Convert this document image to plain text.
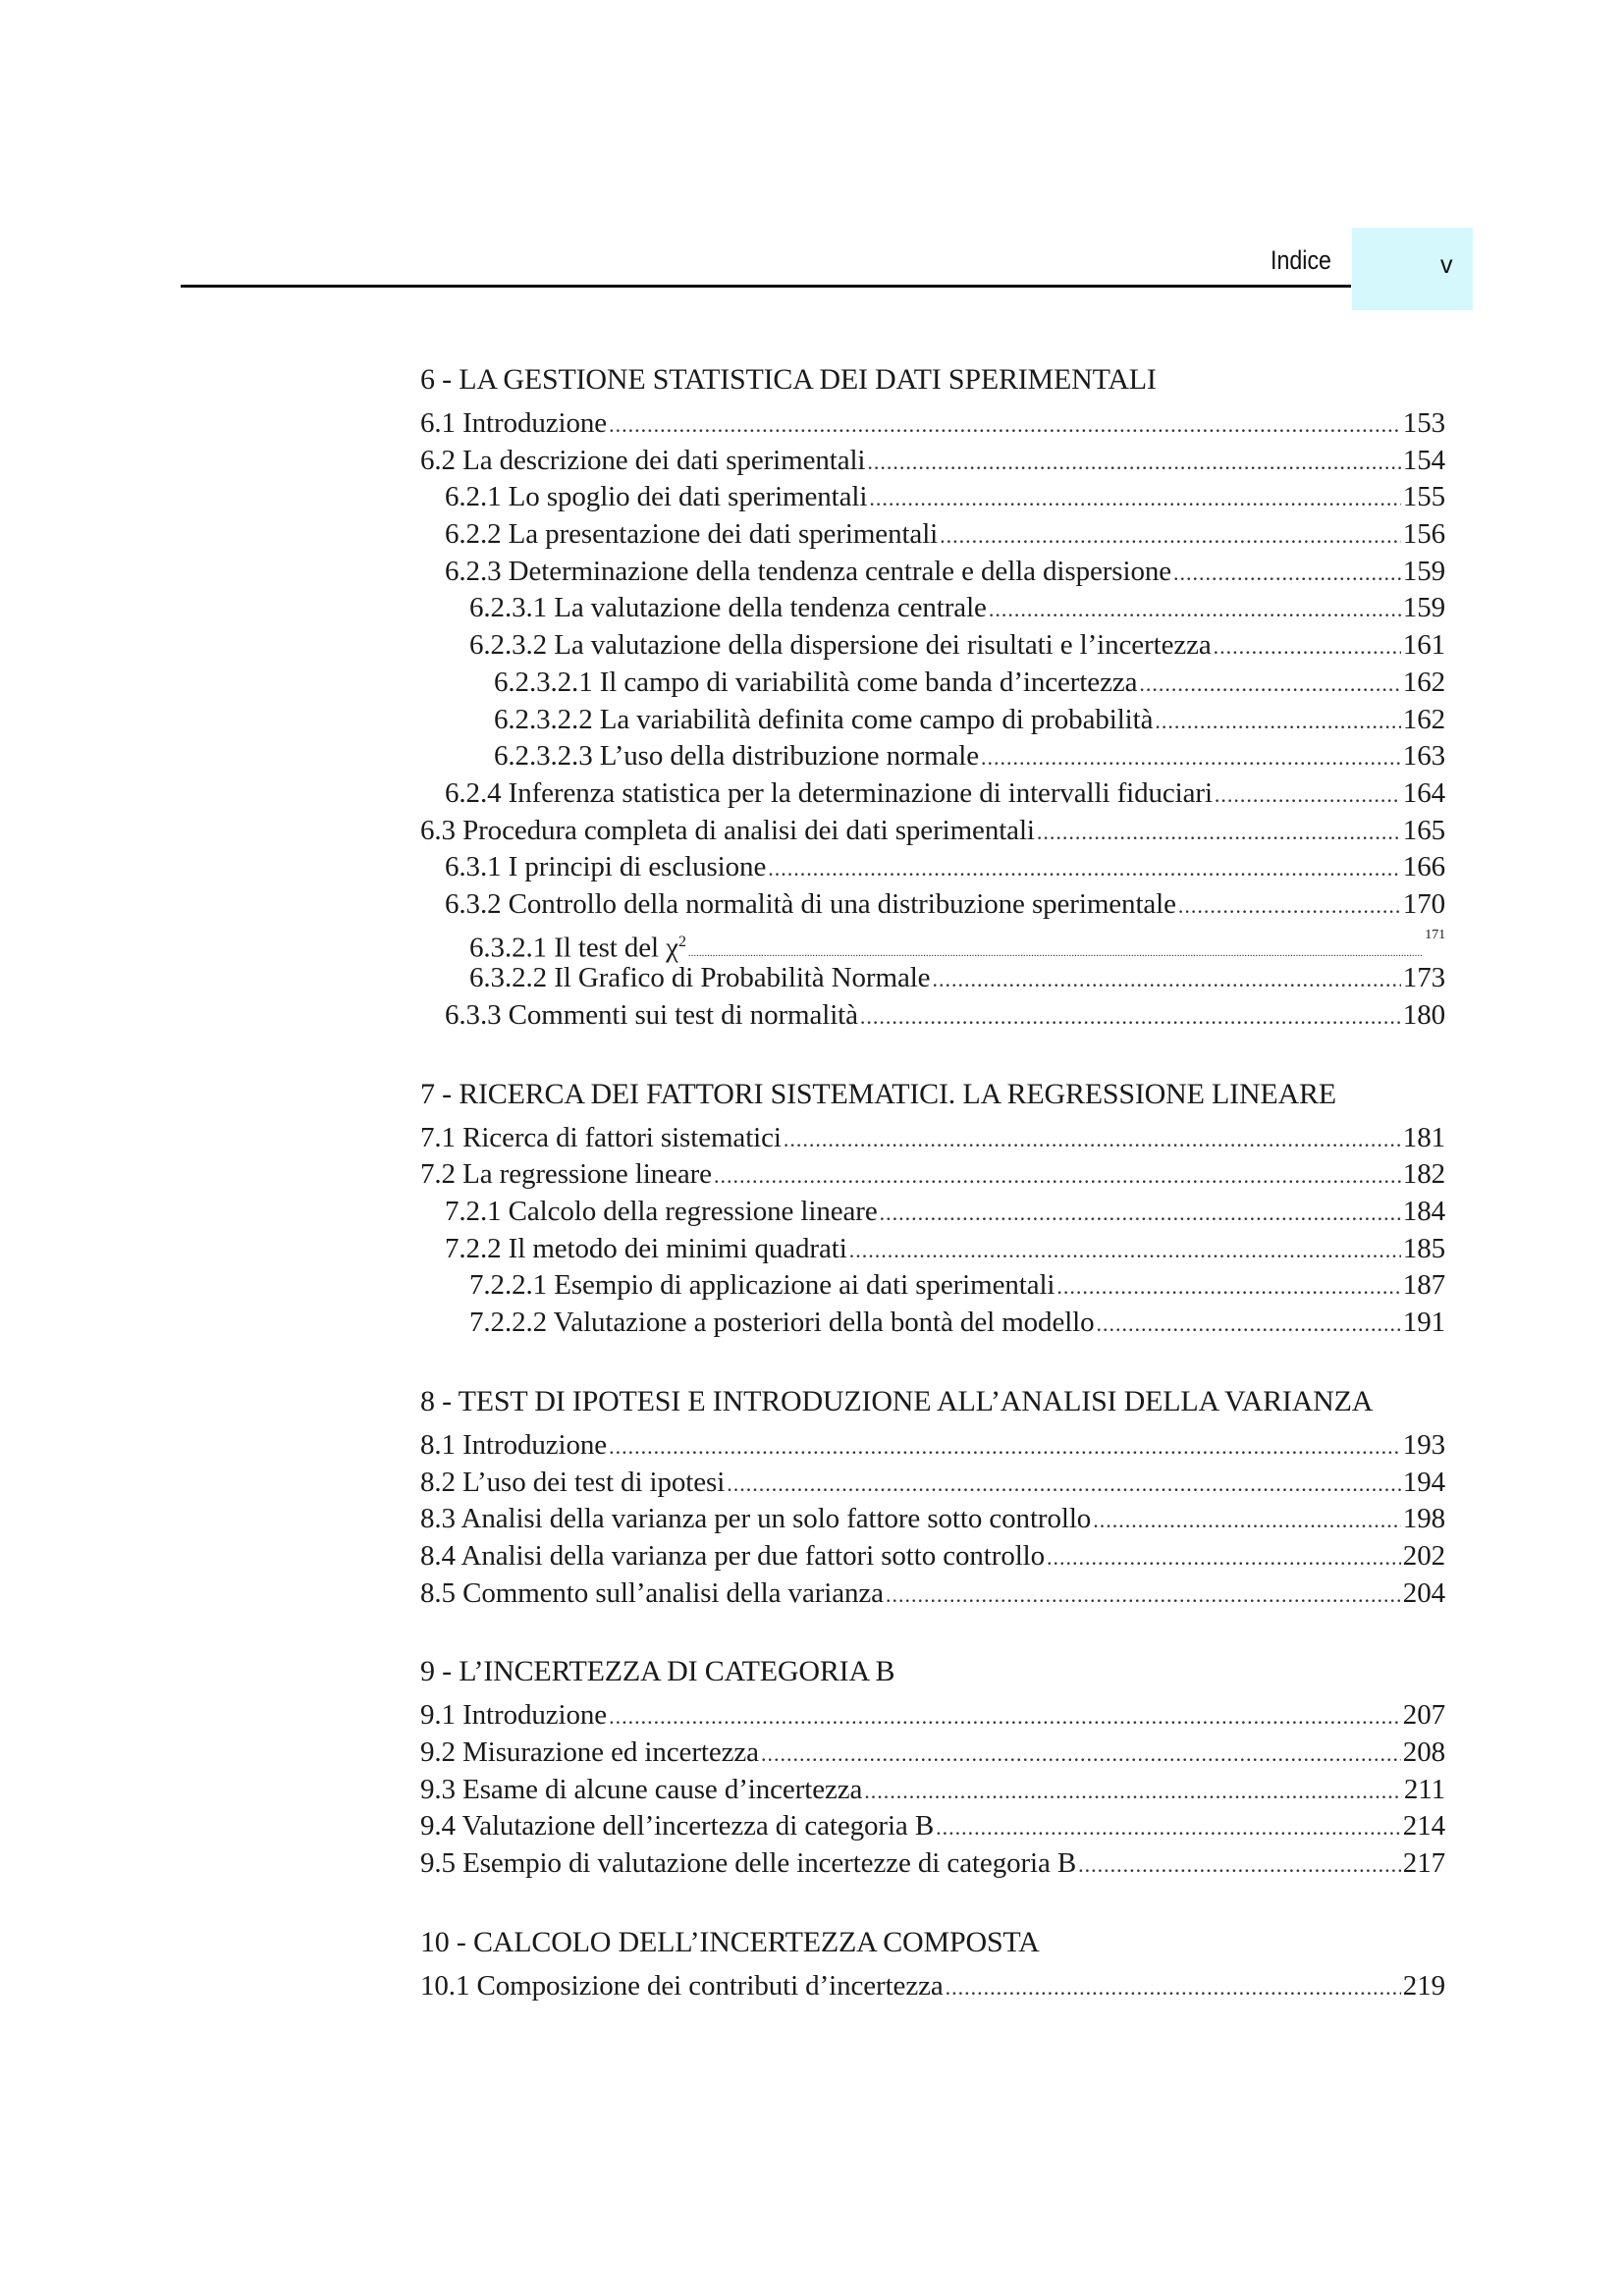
Indice	v
6 - LA GESTIONE STATISTICA DEI DATI SPERIMENTALI
6.1 Introduzione .....	153
6.2 La descrizione dei dati sperimentali .....	154
6.2.1 Lo spoglio dei dati sperimentali .....	155
6.2.2 La presentazione dei dati sperimentali .....	156
6.2.3 Determinazione della tendenza centrale e della dispersione .....	159
6.2.3.1 La valutazione della tendenza centrale .....	159
6.2.3.2 La valutazione della dispersione dei risultati e l’incertezza .....	161
6.2.3.2.1 Il campo di variabilità come banda d’incertezza .....	162
6.2.3.2.2 La variabilità definita come campo di probabilità .....	162
6.2.3.2.3 L’uso della distribuzione normale .....	163
6.2.4 Inferenza statistica per la determinazione di intervalli fiduciari .....	164
6.3 Procedura completa di analisi dei dati sperimentali .....	165
6.3.1 I principi di esclusione .....	166
6.3.2 Controllo della normalità di una distribuzione sperimentale .....	170
6.3.2.1 Il test del $\chi^2$ .....	171
6.3.2.2 Il Grafico di Probabilità Normale .....	173
6.3.3 Commenti sui test di normalità .....	180
7 - RICERCA DEI FATTORI SISTEMATICI. LA REGRESSIONE LINEARE
7.1 Ricerca di fattori sistematici .....	181
7.2 La regressione lineare .....	182
7.2.1 Calcolo della regressione lineare .....	184
7.2.2 Il metodo dei minimi quadrati .....	185
7.2.2.1 Esempio di applicazione ai dati sperimentali .....	187
7.2.2.2 Valutazione a posteriori della bontà del modello .....	191
8 - TEST DI IPOTESI E INTRODUZIONE ALL’ANALISI DELLA VARIANZA
8.1 Introduzione .....	193
8.2 L’uso dei test di ipotesi .....	194
8.3 Analisi della varianza per un solo fattore sotto controllo .....	198
8.4 Analisi della varianza per due fattori sotto controllo .....	202
8.5 Commento sull’analisi della varianza .....	204
9 - L’INCERTEZZA DI CATEGORIA B
9.1 Introduzione .....	207
9.2 Misurazione ed incertezza .....	208
9.3 Esame di alcune cause d’incertezza .....	211
9.4 Valutazione dell’incertezza di categoria B .....	214
9.5 Esempio di valutazione delle incertezze di categoria B .....	217
10 - CALCOLO DELL’INCERTEZZA COMPOSTA
10.1 Composizione dei contributi d’incertezza .....	219
